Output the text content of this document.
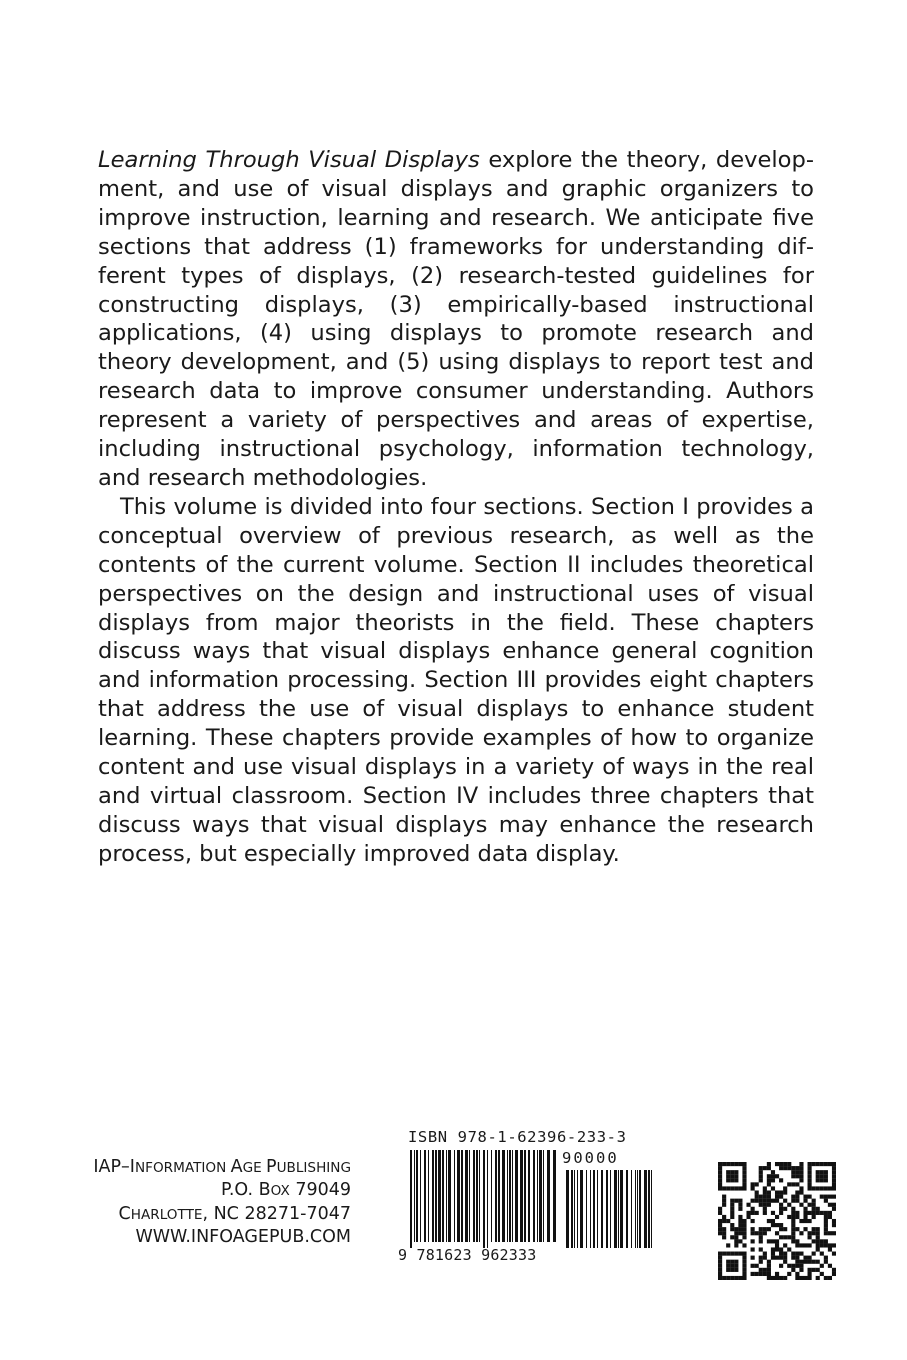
Learning Through Visual Displays explore the theory, development, and use of visual displays and graphic organizers to improve instruction, learning and research. We anticipate five sections that address (1) frameworks for understanding different types of displays, (2) research-tested guidelines for constructing displays, (3) empirically-based instructional applications, (4) using displays to promote research and theory development, and (5) using displays to report test and research data to improve consumer understanding. Authors represent a variety of perspectives and areas of expertise, including instructional psychology, information technology, and research methodologies.

This volume is divided into four sections. Section I provides a conceptual overview of previous research, as well as the contents of the current volume. Section II includes theoretical perspectives on the design and instructional uses of visual displays from major theorists in the field. These chapters discuss ways that visual displays enhance general cognition and information processing. Section III provides eight chapters that address the use of visual displays to enhance student learning. These chapters provide examples of how to organize content and use visual displays in a variety of ways in the real and virtual classroom. Section IV includes three chapters that discuss ways that visual displays may enhance the research process, but especially improved data display.

IAP–INFORMATION AGE PUBLISHING
P.O. BOX 79049
CHARLOTTE, NC 28271-7047
WWW.INFOAGEPUB.COM
ISBN 978-1-62396-233-3
90000
9 781623 962333
